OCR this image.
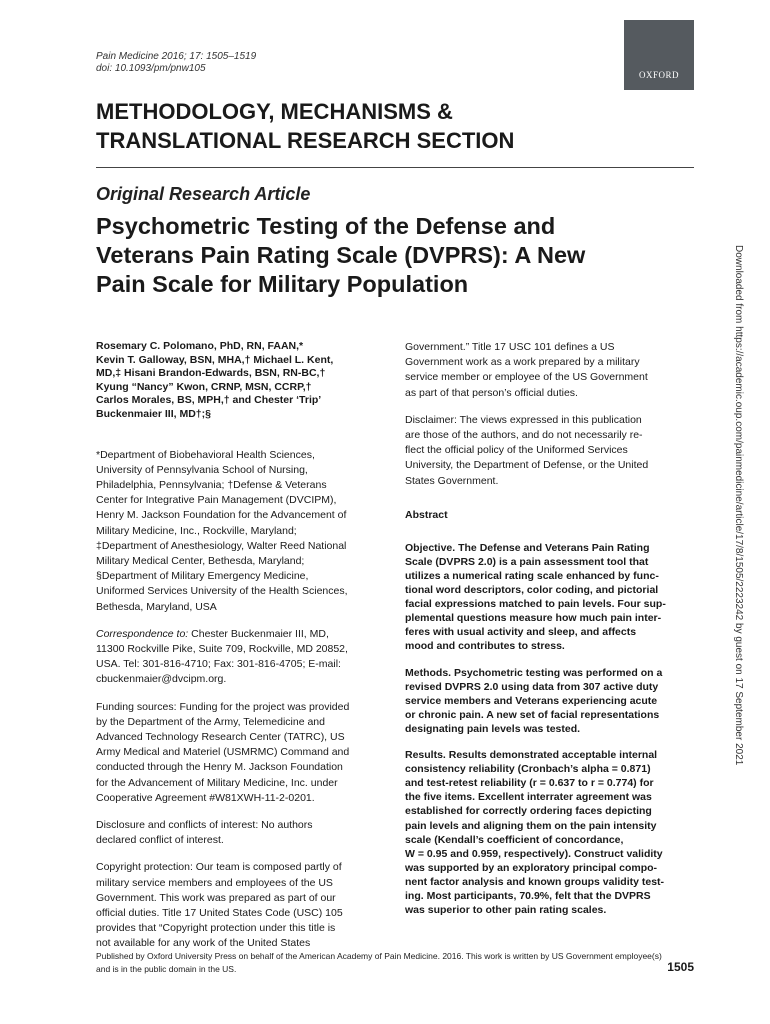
Pain Medicine 2016; 17: 1505–1519
doi: 10.1093/pm/pnw105
OXFORD
METHODOLOGY, MECHANISMS &
TRANSLATIONAL RESEARCH SECTION
Original Research Article
Psychometric Testing of the Defense and
Veterans Pain Rating Scale (DVPRS): A New
Pain Scale for Military Population
Rosemary C. Polomano, PhD, RN, FAAN,*
Kevin T. Galloway, BSN, MHA,† Michael L. Kent,
MD,‡ Hisani Brandon-Edwards, BSN, RN-BC,†
Kyung “Nancy” Kwon, CRNP, MSN, CCRP,†
Carlos Morales, BS, MPH,† and Chester ‘Trip’
Buckenmaier III, MD†;§

*Department of Biobehavioral Health Sciences,
University of Pennsylvania School of Nursing,
Philadelphia, Pennsylvania; †Defense & Veterans
Center for Integrative Pain Management (DVCIPM),
Henry M. Jackson Foundation for the Advancement of
Military Medicine, Inc., Rockville, Maryland;
‡Department of Anesthesiology, Walter Reed National
Military Medical Center, Bethesda, Maryland;
§Department of Military Emergency Medicine,
Uniformed Services University of the Health Sciences,
Bethesda, Maryland, USA

Correspondence to: Chester Buckenmaier III, MD,
11300 Rockville Pike, Suite 709, Rockville, MD 20852,
USA. Tel: 301-816-4710; Fax: 301-816-4705; E-mail:
cbuckenmaier@dvcipm.org.

Funding sources: Funding for the project was provided
by the Department of the Army, Telemedicine and
Advanced Technology Research Center (TATRC), US
Army Medical and Materiel (USMRMC) Command and
conducted through the Henry M. Jackson Foundation
for the Advancement of Military Medicine, Inc. under
Cooperative Agreement #W81XWH-11-2-0201.

Disclosure and conflicts of interest: No authors
declared conflict of interest.

Copyright protection: Our team is composed partly of
military service members and employees of the US
Government. This work was prepared as part of our
official duties. Title 17 United States Code (USC) 105
provides that “Copyright protection under this title is
not available for any work of the United States

Government.” Title 17 USC 101 defines a US
Government work as a work prepared by a military
service member or employee of the US Government
as part of that person’s official duties.

Disclaimer: The views expressed in this publication
are those of the authors, and do not necessarily re-
flect the official policy of the Uniformed Services
University, the Department of Defense, or the United
States Government.

Abstract
Objective. The Defense and Veterans Pain Rating
Scale (DVPRS 2.0) is a pain assessment tool that
utilizes a numerical rating scale enhanced by func-
tional word descriptors, color coding, and pictorial
facial expressions matched to pain levels. Four sup-
plemental questions measure how much pain inter-
feres with usual activity and sleep, and affects
mood and contributes to stress.
Methods. Psychometric testing was performed on a
revised DVPRS 2.0 using data from 307 active duty
service members and Veterans experiencing acute
or chronic pain. A new set of facial representations
designating pain levels was tested.
Results. Results demonstrated acceptable internal
consistency reliability (Cronbach’s alpha = 0.871)
and test-retest reliability (r = 0.637 to r = 0.774) for
the five items. Excellent interrater agreement was
established for correctly ordering faces depicting
pain levels and aligning them on the pain intensity
scale (Kendall’s coefficient of concordance,
W = 0.95 and 0.959, respectively). Construct validity
was supported by an exploratory principal compo-
nent factor analysis and known groups validity test-
ing. Most participants, 70.9%, felt that the DVPRS
was superior to other pain rating scales.
Downloaded from https://academic.oup.com/painmedicine/article/17/8/1505/2223242 by guest on 17 September 2021
Published by Oxford University Press on behalf of the American Academy of Pain Medicine. 2016. This work is written by US Government employee(s)
and is in the public domain in the US.	1505
